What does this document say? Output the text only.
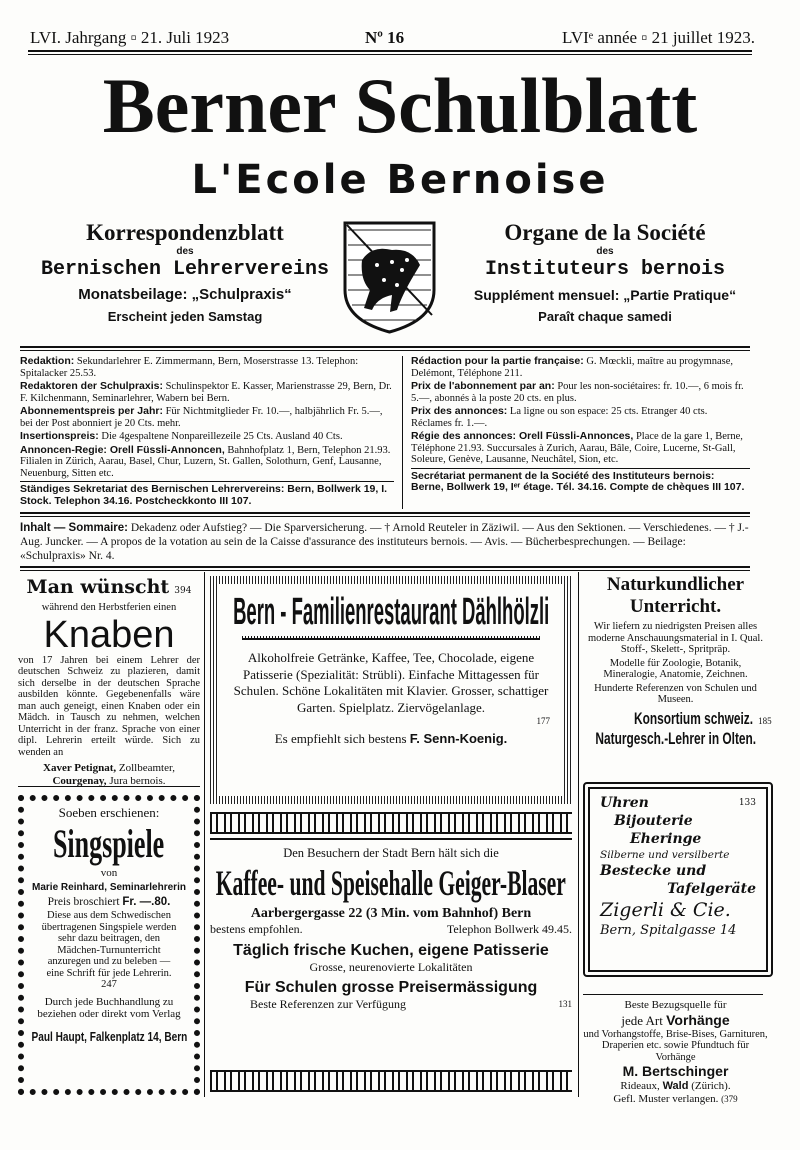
LVI. Jahrgang ▫ 21. Juli 1923	Nº 16	LVIᵉ année ▫ 21 juillet 1923.
Berner Schulblatt
L'Ecole Bernoise
Korrespondenzblatt
des
Bernischen Lehrervereins
Monatsbeilage: „Schulpraxis“
Erscheint jeden Samstag
Organe de la Société
des
Instituteurs bernois
Supplément mensuel: „Partie Pratique“
Paraît chaque samedi

Redaktion: Sekundarlehrer E. Zimmermann, Bern, Moserstrasse 13. Telephon: Spitalacker 25.53.

Redaktoren der Schulpraxis: Schulinspektor E. Kasser, Marienstrasse 29, Bern, Dr. F. Kilchenmann, Seminarlehrer, Wabern bei Bern.

Abonnementspreis per Jahr: Für Nichtmitglieder Fr. 10.—, halbjährlich Fr. 5.—, bei der Post abonniert je 20 Cts. mehr.

Insertionspreis: Die 4gespaltene Nonpareillezeile 25 Cts. Ausland 40 Cts.

Annoncen-Regie: Orell Füssli-Annoncen, Bahnhofplatz 1, Bern, Telephon 21.93. Filialen in Zürich, Aarau, Basel, Chur, Luzern, St. Gallen, Solothurn, Genf, Lausanne, Neuenburg, Sitten etc.

Ständiges Sekretariat des Bernischen Lehrervereins: Bern, Bollwerk 19, I. Stock. Telephon 34.16. Postcheckkonto III 107.

Rédaction pour la partie française: G. Mœckli, maître au progymnase, Delémont, Téléphone 211.

Prix de l'abonnement par an: Pour les non-sociétaires: fr. 10.—, 6 mois fr. 5.—, abonnés à la poste 20 cts. en plus.

Prix des annonces: La ligne ou son espace: 25 cts. Etranger 40 cts. Réclames fr. 1.—.

Régie des annonces: Orell Füssli-Annonces, Place de la gare 1, Berne, Téléphone 21.93. Succursales à Zurich, Aarau, Bâle, Coire, Lucerne, St-Gall, Soleure, Genève, Lausanne, Neuchâtel, Sion, etc.

Secrétariat permanent de la Société des Instituteurs bernois: Berne, Bollwerk 19, Iᵉʳ étage. Tél. 34.16. Compte de chèques III 107.

Inhalt — Sommaire: Dekadenz oder Aufstieg? — Die Sparversicherung. — † Arnold Reuteler in Zäziwil. — Aus den Sektionen. — Verschiedenes. — † J.-Aug. Juncker. — A propos de la votation au sein de la Caisse d'assurance des instituteurs bernois. — Avis. — Bücherbesprechungen. — Beilage: «Schulpraxis» Nr. 4.
Man wünscht 394
während den Herbstferien einen
Knaben
von 17 Jahren bei einem Lehrer der deutschen Schweiz zu plazieren, damit sich derselbe in der deutschen Sprache ausbilden könnte. Gegebenenfalls wäre man auch geneigt, einen Knaben oder ein Mädch. in Tausch zu nehmen, welchen Unterricht in der franz. Sprache von einer dipl. Lehrerin erteilt würde. Sich zu wenden an
Xaver Petignat, Zollbeamter,
Courgenay, Jura bernois.
Soeben erschienen:
Singspiele
von
Marie Reinhard, Seminarlehrerin
Preis broschiert Fr. —.80.
Diese aus dem Schwedischen übertragenen Singspiele werden sehr dazu beitragen, den Mädchen-Turnunterricht anzuregen und zu beleben — eine Schrift für jede Lehrerin. 247
Durch jede Buchhandlung zu beziehen oder direkt vom Verlag
Paul Haupt, Falkenplatz 14, Bern
Bern - Familienrestaurant Dählhölzli
Alkoholfreie Getränke, Kaffee, Tee, Chocolade, eigene Patisserie (Spezialität: Strübli). Einfache Mittagessen für Schulen. Schöne Lokalitäten mit Klavier. Grosser, schattiger Garten. Spielplatz. Ziervögelanlage.
177
Es empfiehlt sich bestens F. Senn-Koenig.
Den Besuchern der Stadt Bern hält sich die
Kaffee- und Speisehalle Geiger-Blaser
Aarbergergasse 22 (3 Min. vom Bahnhof) Bern
bestens empfohlen.	Telephon Bollwerk 49.45.
Täglich frische Kuchen, eigene Patisserie
Grosse, neurenovierte Lokalitäten
Für Schulen grosse Preisermässigung
Beste Referenzen zur Verfügung	131
Naturkundlicher Unterricht.
Wir liefern zu niedrigsten Preisen alles moderne Anschauungsmaterial in I. Qual. Stoff-, Skelett-, Spritpräp.
Modelle für Zoologie, Botanik, Mineralogie, Anatomie, Zeichnen.
Hunderte Referenzen von Schulen und Museen.
Konsortium schweiz. 185
Naturgesch.-Lehrer in Olten.
Uhren	133
Bijouterie
Eheringe
Silberne und versilberte
Bestecke und
Tafelgeräte
Zigerli & Cie.
Bern, Spitalgasse 14
Beste Bezugsquelle für
jede Art Vorhänge
und Vorhangstoffe, Brise-Bises, Garnituren, Draperien etc. sowie Pfundtuch für Vorhänge
M. Bertschinger
Rideaux, Wald (Zürich).
Gefl. Muster verlangen. (379
